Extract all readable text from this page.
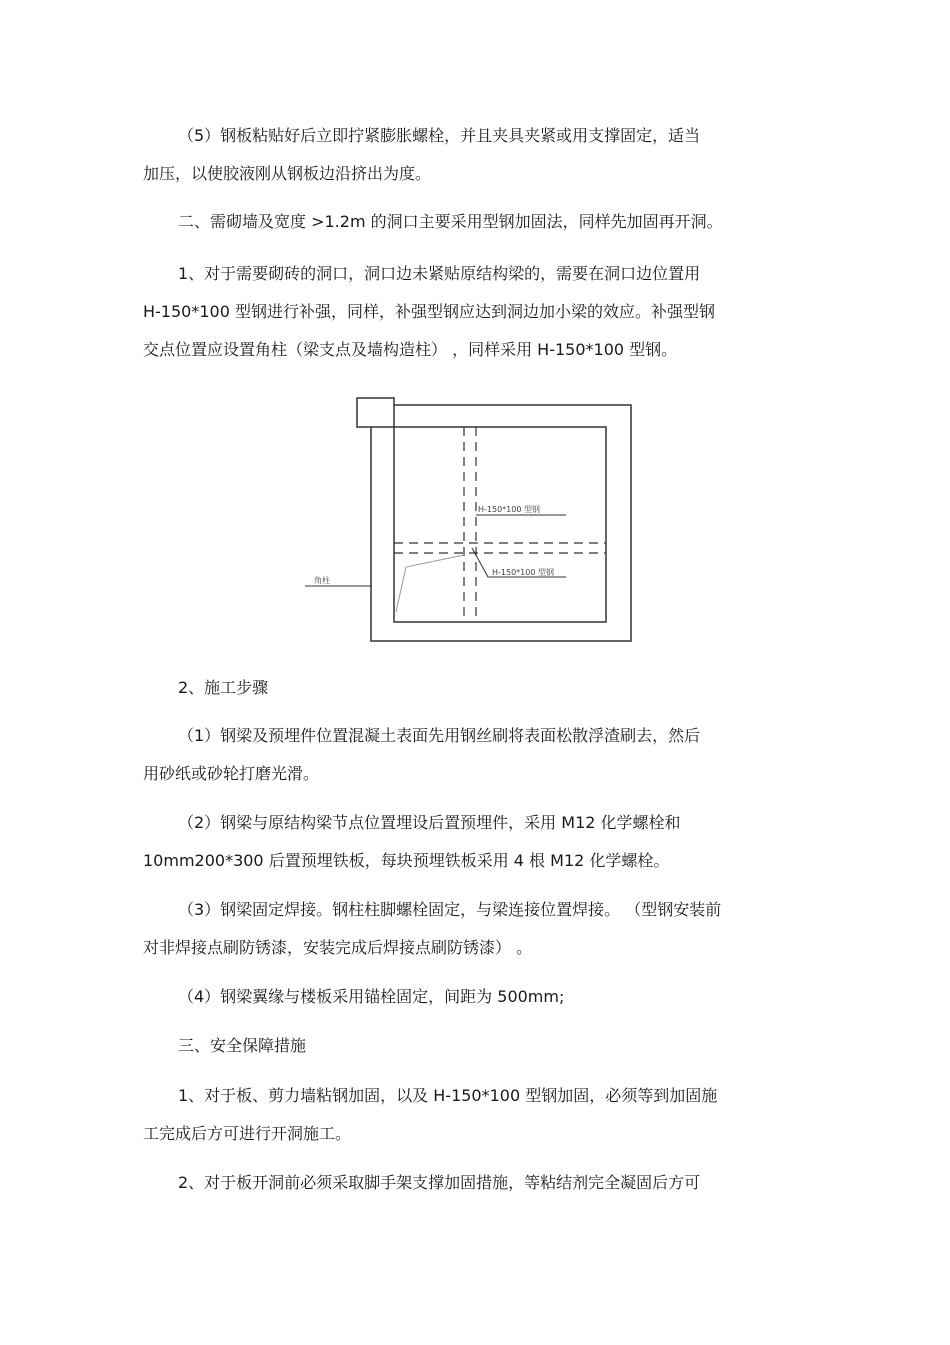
（5）钢板粘贴好后立即拧紧膨胀螺栓，并且夹具夹紧或用支撑固定，适当
加压，以使胶液刚从钢板边沿挤出为度。
二、需砌墙及宽度 >1.2m 的洞口主要采用型钢加固法，同样先加固再开洞。
1、对于需要砌砖的洞口，洞口边未紧贴原结构梁的，需要在洞口边位置用
H-150*100 型钢进行补强，同样，补强型钢应达到洞边加小梁的效应。补强型钢
交点位置应设置角柱（梁支点及墙构造柱） ，同样采用 H-150*100 型钢。
H-150*100 型钢
H-150*100 型钢
角柱
2、施工步骤
（1）钢梁及预埋件位置混凝土表面先用钢丝刷将表面松散浮渣刷去，然后
用砂纸或砂轮打磨光滑。
（2）钢梁与原结构梁节点位置埋设后置预埋件，采用 M12 化学螺栓和
10mm200*300 后置预埋铁板，每块预埋铁板采用 4 根 M12 化学螺栓。
（3）钢梁固定焊接。钢柱柱脚螺栓固定，与梁连接位置焊接。 （型钢安装前
对非焊接点刷防锈漆，安装完成后焊接点刷防锈漆） 。
（4）钢梁翼缘与楼板采用锚栓固定，间距为 500mm;
三、安全保障措施
1、对于板、剪力墙粘钢加固，以及 H-150*100 型钢加固，必须等到加固施
工完成后方可进行开洞施工。
2、对于板开洞前必须采取脚手架支撑加固措施，等粘结剂完全凝固后方可
